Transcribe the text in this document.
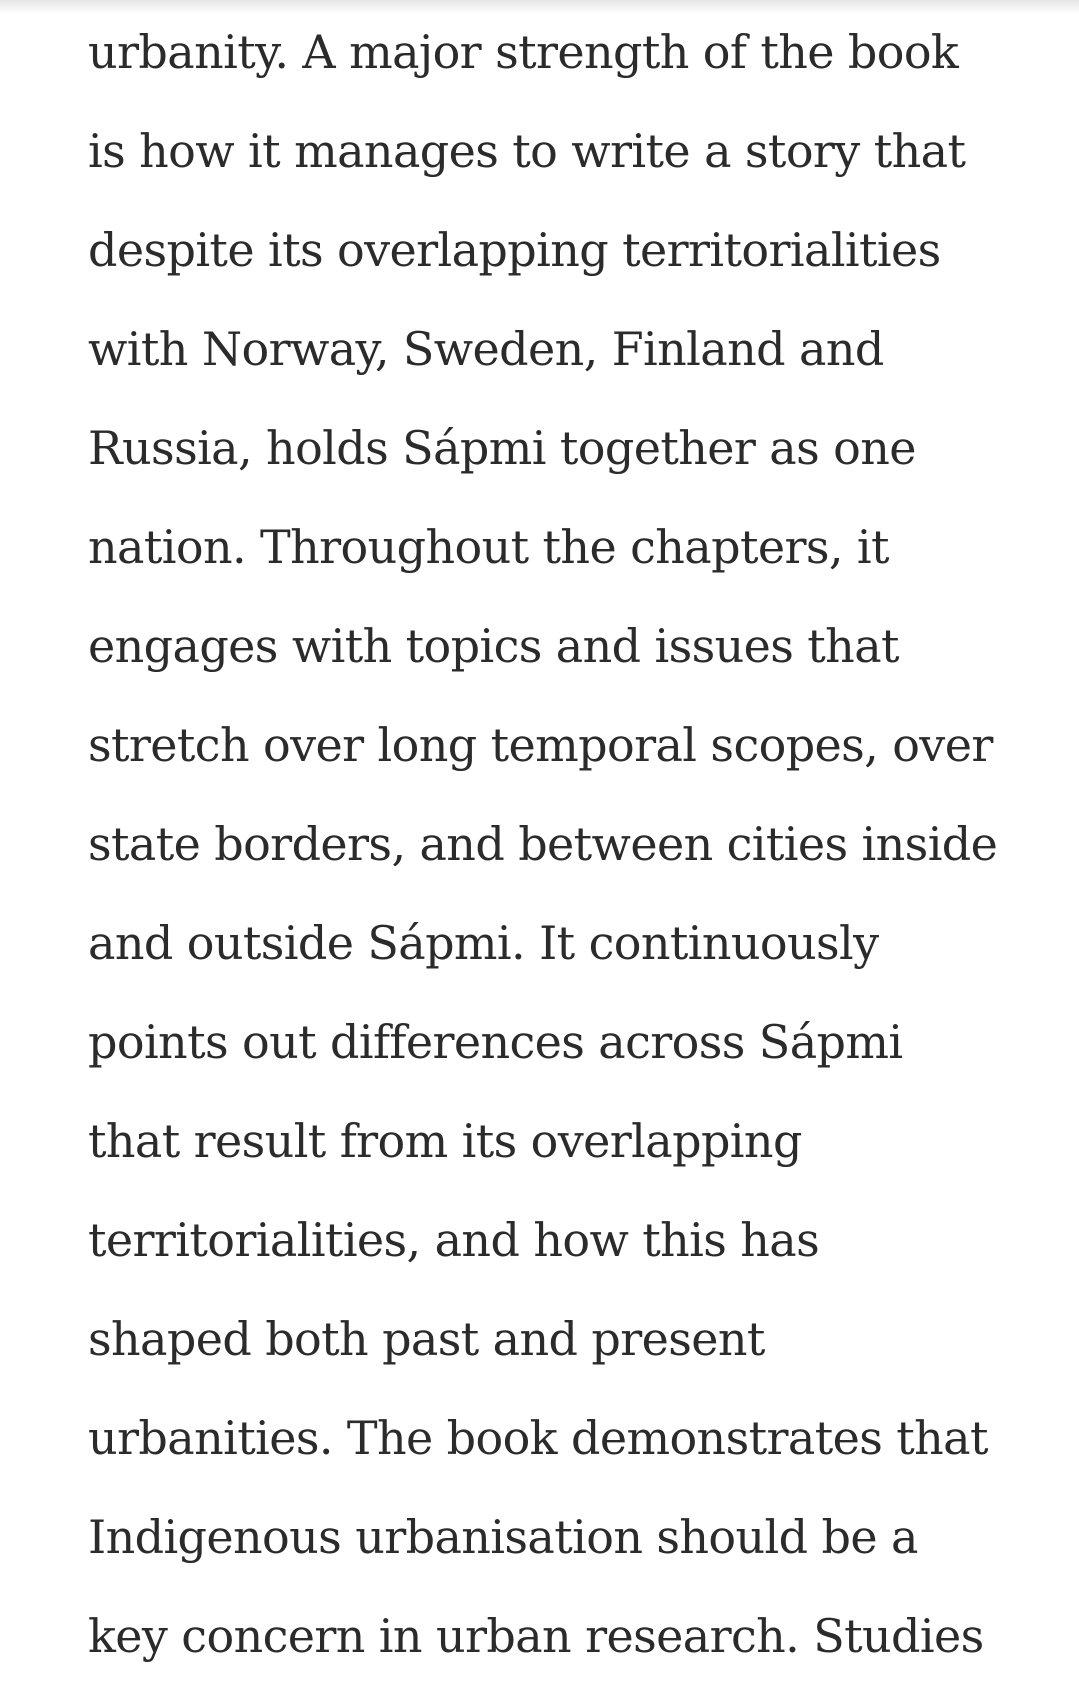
urbanity. A major strength of the book
is how it manages to write a story that
despite its overlapping territorialities
with Norway, Sweden, Finland and
Russia, holds Sápmi together as one
nation. Throughout the chapters, it
engages with topics and issues that
stretch over long temporal scopes, over
state borders, and between cities inside
and outside Sápmi. It continuously
points out differences across Sápmi
that result from its overlapping
territorialities, and how this has
shaped both past and present
urbanities. The book demonstrates that
Indigenous urbanisation should be a
key concern in urban research. Studies
